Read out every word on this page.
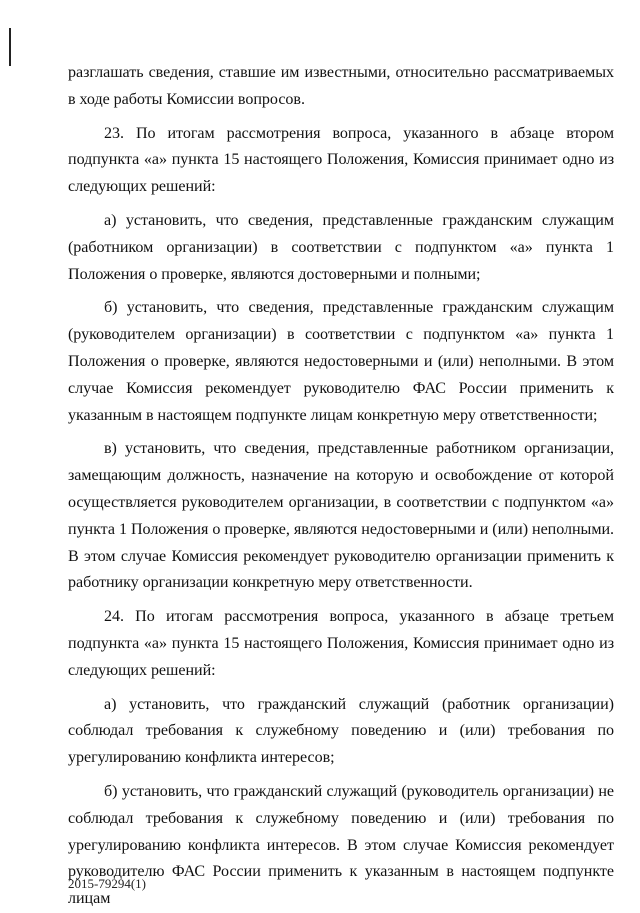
разглашать сведения, ставшие им известными, относительно рассматриваемых в ходе работы Комиссии вопросов.

23. По итогам рассмотрения вопроса, указанного в абзаце втором подпункта «а» пункта 15 настоящего Положения, Комиссия принимает одно из следующих решений:

а) установить, что сведения, представленные гражданским служащим (работником организации) в соответствии с подпунктом «а» пункта 1 Положения о проверке, являются достоверными и полными;

б) установить, что сведения, представленные гражданским служащим (руководителем организации) в соответствии с подпунктом «а» пункта 1 Положения о проверке, являются недостоверными и (или) неполными. В этом случае Комиссия рекомендует руководителю ФАС России применить к указанным в настоящем подпункте лицам конкретную меру ответственности;

в) установить, что сведения, представленные работником организации, замещающим должность, назначение на которую и освобождение от которой осуществляется руководителем организации, в соответствии с подпунктом «а» пункта 1 Положения о проверке, являются недостоверными и (или) неполными. В этом случае Комиссия рекомендует руководителю организации применить к работнику организации конкретную меру ответственности.

24. По итогам рассмотрения вопроса, указанного в абзаце третьем подпункта «а» пункта 15 настоящего Положения, Комиссия принимает одно из следующих решений:

а) установить, что гражданский служащий (работник организации) соблюдал требования к служебному поведению и (или) требования по урегулированию конфликта интересов;

б) установить, что гражданский служащий (руководитель организации) не соблюдал требования к служебному поведению и (или) требования по урегулированию конфликта интересов. В этом случае Комиссия рекомендует руководителю ФАС России применить к указанным в настоящем подпункте лицам

2015-79294(1)
